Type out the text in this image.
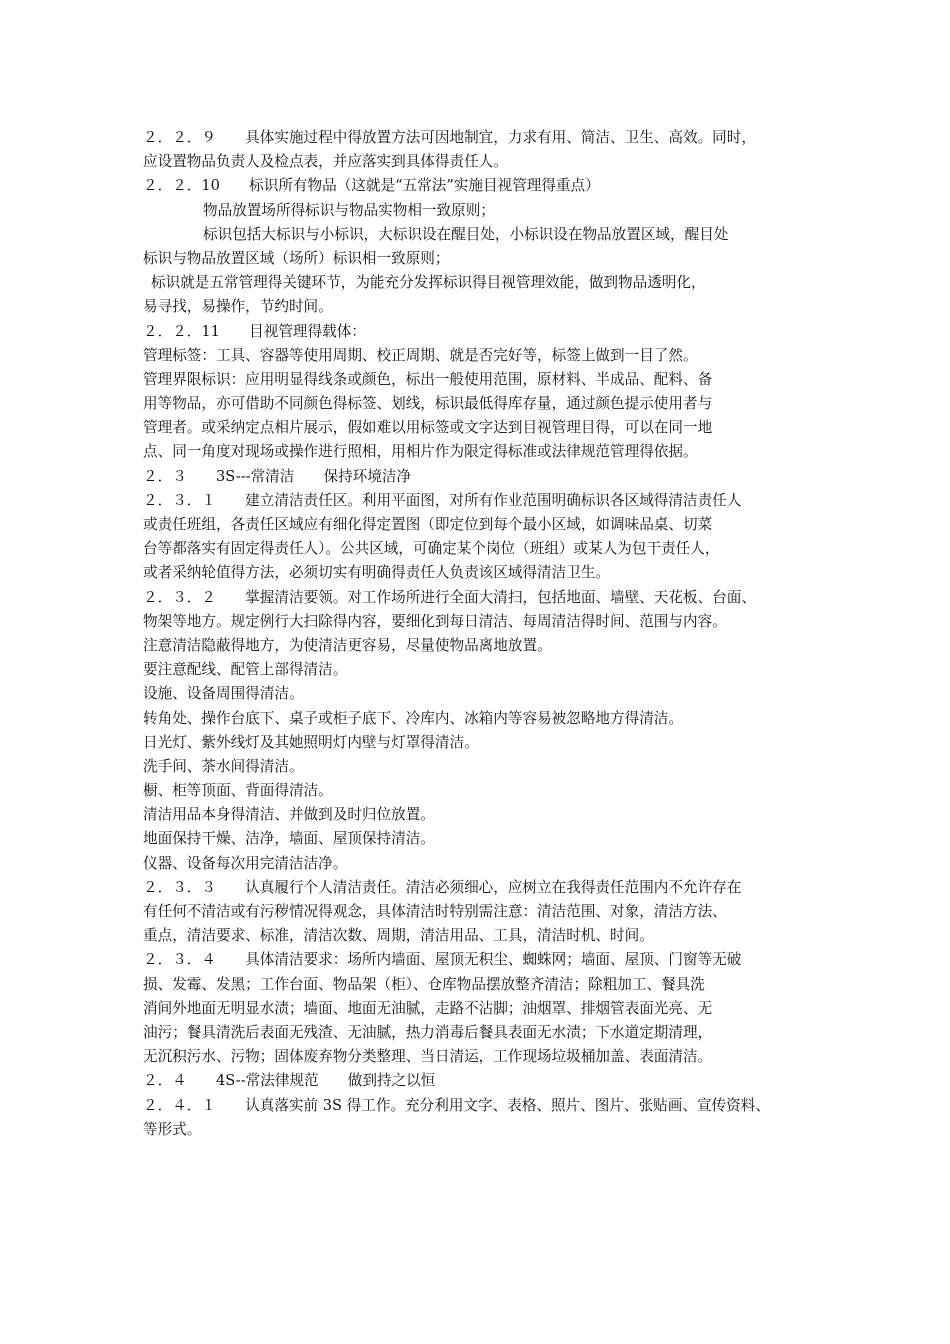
２．２．９　　具体实施过程中得放置方法可因地制宜，力求有用、简洁、卫生、高效。同时，
应设置物品负责人及检点表，并应落实到具体得责任人。
２．２．10　　标识所有物品（这就是“五常法”实施目视管理得重点）
物品放置场所得标识与物品实物相一致原则；
标识包括大标识与小标识，大标识设在醒目处，小标识设在物品放置区域，醒目处
标识与物品放置区域（场所）标识相一致原则；
标识就是五常管理得关键环节，为能充分发挥标识得目视管理效能，做到物品透明化，
易寻找，易操作，节约时间。
２．２．11　　目视管理得载体：
管理标签：工具、容器等使用周期、校正周期、就是否完好等，标签上做到一目了然。
管理界限标识：应用明显得线条或颜色，标出一般使用范围，原材料、半成品、配料、备
用等物品，亦可借助不同颜色得标签、划线，标识最低得库存量，通过颜色提示使用者与
管理者。或采纳定点相片展示，假如难以用标签或文字达到目视管理目得，可以在同一地
点、同一角度对现场或操作进行照相，用相片作为限定得标准或法律规范管理得依据。
２．３　　3S---常清洁　　保持环境洁净
２．３．１　　建立清洁责任区。利用平面图，对所有作业范围明确标识各区域得清洁责任人
或责任班组，各责任区域应有细化得定置图（即定位到每个最小区域，如调味品桌、切菜
台等都落实有固定得责任人）。公共区域，可确定某个岗位（班组）或某人为包干责任人，
或者采纳轮值得方法，必须切实有明确得责任人负责该区域得清洁卫生。
２．３．２　　掌握清洁要领。对工作场所进行全面大清扫，包括地面、墙壁、天花板、台面、
物架等地方。规定例行大扫除得内容，要细化到每日清洁、每周清洁得时间、范围与内容。
注意清洁隐蔽得地方，为使清洁更容易，尽量使物品离地放置。
要注意配线、配管上部得清洁。
设施、设备周围得清洁。
转角处、操作台底下、桌子或柜子底下、冷库内、冰箱内等容易被忽略地方得清洁。
日光灯、紫外线灯及其她照明灯内壁与灯罩得清洁。
洗手间、茶水间得清洁。
橱、柜等顶面、背面得清洁。
清洁用品本身得清洁、并做到及时归位放置。
地面保持干燥、洁净，墙面、屋顶保持清洁。
仪器、设备每次用完清洁洁净。
２．３．３　　认真履行个人清洁责任。清洁必须细心，应树立在我得责任范围内不允许存在
有任何不清洁或有污秽情况得观念，具体清洁时特别需注意：清洁范围、对象，清洁方法、
重点，清洁要求、标准，清洁次数、周期，清洁用品、工具，清洁时机、时间。
２．３．４　　具体清洁要求：场所内墙面、屋顶无积尘、蜘蛛网；墙面、屋顶、门窗等无破
损、发霉、发黑；工作台面、物品架（柜）、仓库物品摆放整齐清洁；除粗加工、餐具洗
消间外地面无明显水渍；墙面、地面无油腻，走路不沾脚；油烟罩、排烟管表面光亮、无
油污；餐具清洗后表面无残渣、无油腻，热力消毒后餐具表面无水渍；下水道定期清理，
无沉积污水、污物；固体废弃物分类整理、当日清运，工作现场垃圾桶加盖、表面清洁。
２．４　　4S--常法律规范　　做到持之以恒
２．４．１　　认真落实前 3S 得工作。充分利用文字、表格、照片、图片、张贴画、宣传资料、
等形式。
